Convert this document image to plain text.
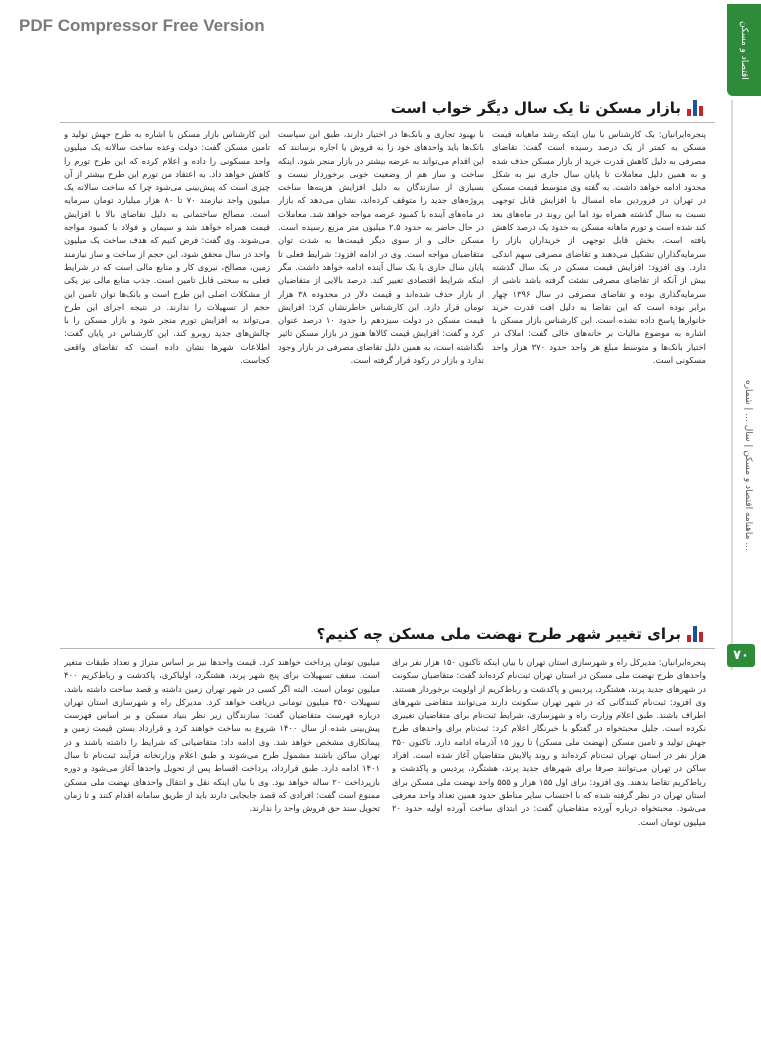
PDF Compressor Free Version	اقتصاد و مسکن
ماهنامه اقتصاد و مسکن | سال ... | شماره ...
۷۰
بازار مسکن تا یک سال دیگر خواب است

پنجره‌ایرانیان: یک کارشناس با بیان اینکه رشد ماهیانه قیمت مسکن به کمتر از یک درصد رسیده است گفت: تقاضای مصرفی به دلیل کاهش قدرت خرید از بازار مسکن حذف شده و به همین دلیل معاملات تا پایان سال جاری نیز به شکل محدود ادامه خواهد داشت. به گفته وی متوسط قیمت مسکن در تهران در فروردین ماه امسال با افزایش قابل توجهی نسبت به سال گذشته همراه بود اما این روند در ماه‌های بعد کند شده است و تورم ماهانه مسکن به حدود یک درصد کاهش یافته است. بخش قابل توجهی از خریداران بازار را سرمایه‌گذاران تشکیل می‌دهند و تقاضای مصرفی سهم اندکی دارد. وی افزود: افزایش قیمت مسکن در یک سال گذشته بیش از آنکه از تقاضای مصرفی نشئت گرفته باشد ناشی از سرمایه‌گذاری بوده و تقاضای مصرفی در سال ۱۳۹۶ چهار برابر بوده است که این تقاضا به دلیل افت قدرت خرید خانوارها پاسخ داده نشده است. این کارشناس بازار مسکن با اشاره به موضوع مالیات بر خانه‌های خالی گفت: املاک در اختیار بانک‌ها و متوسط مبلغ هر واحد حدود ۳۷۰ هزار واحد مسکونی است.

با بهبود تجاری و بانک‌ها در اختیار دارند، طبق این سیاست بانک‌ها باید واحدهای خود را به فروش یا اجاره برسانند که این اقدام می‌تواند به عرضه بیشتر در بازار منجر شود. اینکه ساخت و ساز هم از وضعیت خوبی برخوردار نیست و بسیاری از سازندگان به دلیل افزایش هزینه‌ها ساخت پروژه‌های جدید را متوقف کرده‌اند، نشان می‌دهد که بازار در ماه‌های آینده با کمبود عرضه مواجه خواهد شد. معاملات در حال حاضر به حدود ۲.۵ میلیون متر مربع رسیده است. مسکن حالی و از سوی دیگر قیمت‌ها به شدت توان متقاضیان مواجه است. وی در ادامه افزود: شرایط فعلی تا پایان سال جاری یا یک سال آینده ادامه خواهد داشت. مگر اینکه شرایط اقتصادی تغییر کند. درصد بالایی از متقاضیان از بازار حذف شده‌اند و قیمت دلار در محدوده ۳۸ هزار تومان قرار دارد. این کارشناس خاطرنشان کرد: افزایش قیمت مسکن در دولت سیزدهم را حدود ۱۰ درصد عنوان کرد و گفت: افزایش قیمت کالاها هنوز در بازار مسکن تاثیر نگذاشته است، به همین دلیل تقاضای مصرفی در بازار وجود ندارد و بازار در رکود قرار گرفته است.

این کارشناس بازار مسکن با اشاره به طرح جهش تولید و تامین مسکن گفت: دولت وعده ساخت سالانه یک میلیون واحد مسکونی را داده و اعلام کرده که این طرح تورم را کاهش خواهد داد. به اعتقاد من تورم این طرح بیشتر از آن چیزی است که پیش‌بینی می‌شود چرا که ساخت سالانه یک میلیون واحد نیازمند ۷۰ تا ۸۰ هزار میلیارد تومان سرمایه است. مصالح ساختمانی به دلیل تقاضای بالا با افزایش قیمت همراه خواهد شد و سیمان و فولاد با کمبود مواجه می‌شوند. وی گفت: فرض کنیم که هدف ساخت یک میلیون واحد در سال محقق شود، این حجم از ساخت و ساز نیازمند زمین، مصالح، نیروی کار و منابع مالی است که در شرایط فعلی به سختی قابل تامین است. جذب منابع مالی نیز یکی از مشکلات اصلی این طرح است و بانک‌ها توان تامین این حجم از تسهیلات را ندارند. در نتیجه اجرای این طرح می‌تواند به افزایش تورم منجر شود و بازار مسکن را با چالش‌های جدید روبرو کند. این کارشناس در پایان گفت: اطلاعات شهرها نشان داده است که تقاضای واقعی کجاست.

برای تغییر شهر طرح نهضت ملی مسکن چه کنیم؟

پنجره‌ایرانیان: مدیرکل راه و شهرسازی استان تهران با بیان اینکه تاکنون ۱۵۰ هزار نفر برای واحدهای طرح نهضت ملی مسکن در استان تهران ثبت‌نام کرده‌اند گفت: متقاضیان سکونت در شهرهای جدید پرند، هشتگرد، پردیس و پاکدشت و رباط‌کریم از اولویت برخوردار هستند. وی افزود: ثبت‌نام کنندگانی که در شهر تهران سکونت دارند می‌توانند متقاضی شهرهای اطراف باشند. طبق اعلام وزارت راه و شهرسازی، شرایط ثبت‌نام برای متقاضیان تغییری نکرده است. جلیل محبتخواه در گفتگو با خبرنگار اعلام کرد: ثبت‌نام برای واحدهای طرح جهش تولید و تامین مسکن (نهضت ملی مسکن) تا روز ۱۵ آذرماه ادامه دارد. تاکنون ۳۵۰ هزار نفر در استان تهران ثبت‌نام کرده‌اند و روند پالایش متقاضیان آغاز شده است. افراد ساکن در تهران می‌توانند صرفا برای شهرهای جدید پرند، هشتگرد، پردیس و پاکدشت و رباط‌کریم تقاضا بدهند. وی افزود: برای اول ۱۵۵ هزار و ۵۵۵ واحد نهضت ملی مسکن برای استان تهران در نظر گرفته شده که با احتساب سایر مناطق حدود همین تعداد واحد معرفی می‌شود. محبتخواه درباره آورده متقاضیان گفت: در ابتدای ساخت آورده اولیه حدود ۲۰ میلیون تومان است.

میلیون تومان پرداخت خواهند کرد. قیمت واحدها نیز بر اساس متراژ و تعداد طبقات متغیر است. سقف تسهیلات برای پنج شهر پرند، هشتگرد، اولیاکری، پاکدشت و رباط‌کریم ۴۰۰ میلیون تومان است. البته اگر کسی در شهر تهران زمین داشته و قصد ساخت داشته باشد، تسهیلات ۳۵۰ میلیون تومانی دریافت خواهد کرد. مدیرکل راه و شهرسازی استان تهران درباره فهرست متقاضیان گفت: سازندگان زیر نظر بنیاد مسکن و بر اساس فهرست پیش‌بینی شده از سال ۱۴۰۰ شروع به ساخت خواهند کرد و قرارداد بستن قیمت زمین و پیمانکاری مشخص خواهد شد. وی ادامه داد: متقاضیانی که شرایط را داشته باشند و در تهران ساکن باشند مشمول طرح می‌شوند و طبق اعلام وزارتخانه فرآیند ثبت‌نام تا سال ۱۴۰۱ ادامه دارد. طبق قرارداد، پرداخت اقساط پس از تحویل واحدها آغاز می‌شود و دوره بازپرداخت ۲۰ ساله خواهد بود. وی با بیان اینکه نقل و انتقال واحدهای نهضت ملی مسکن ممنوع است گفت: افرادی که قصد جابجایی دارند باید از طریق سامانه اقدام کنند و تا زمان تحویل سند حق فروش واحد را ندارند.
